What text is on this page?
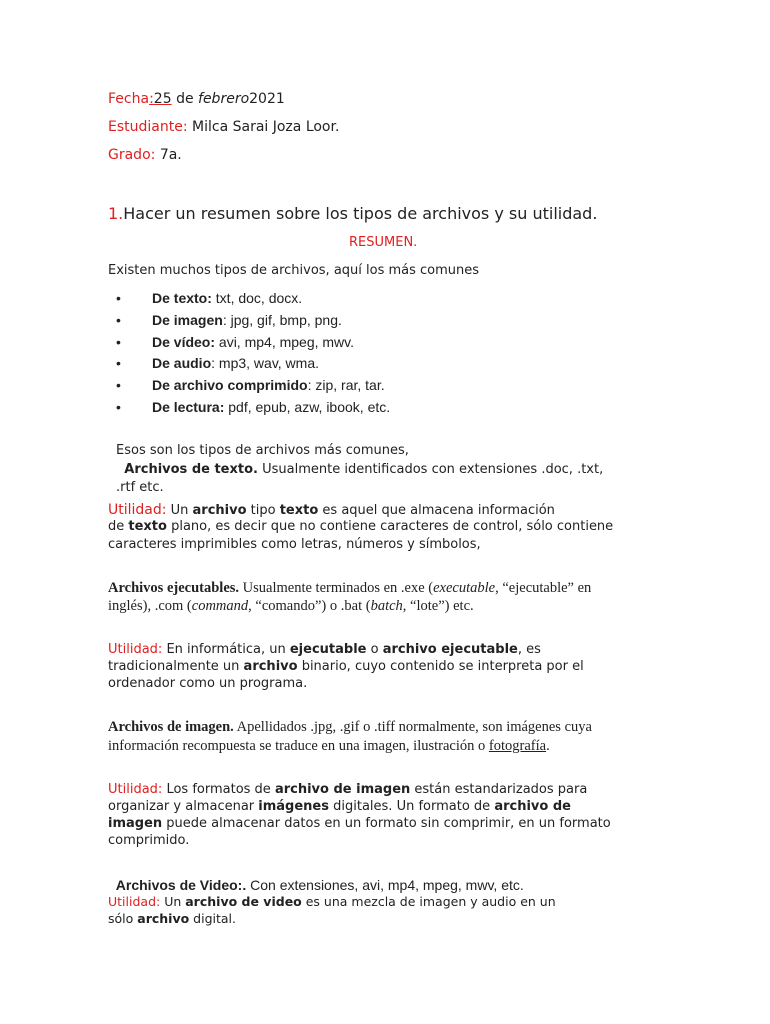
Fecha:25 de febrero2021
Estudiante: Milca Sarai Joza Loor.
Grado: 7a.
1.Hacer un resumen sobre los tipos de archivos y su utilidad.
RESUMEN.
Existen muchos tipos de archivos, aquí los más comunes
• De texto: txt, doc, docx.
• De imagen: jpg, gif, bmp, png.
• De vídeo: avi, mp4, mpeg, mwv.
• De audio: mp3, wav, wma.
• De archivo comprimido: zip, rar, tar.
• De lectura: pdf, epub, azw, ibook, etc.
Esos son los tipos de archivos más comunes,
Archivos de texto. Usualmente identificados con extensiones .doc, .txt,
.rtf etc.
Utilidad: Un archivo tipo texto es aquel que almacena información
de texto plano, es decir que no contiene caracteres de control, sólo contiene
caracteres imprimibles como letras, números y símbolos,
Archivos ejecutables. Usualmente terminados en .exe (executable, “ejecutable” en
inglés), .com (command, “comando”) o .bat (batch, “lote”) etc.
Utilidad: En informática, un ejecutable o archivo ejecutable, es
tradicionalmente un archivo binario, cuyo contenido se interpreta por el
ordenador como un programa.
Archivos de imagen. Apellidados .jpg, .gif o .tiff normalmente, son imágenes cuya
información recompuesta se traduce en una imagen, ilustración o fotografía.
Utilidad: Los formatos de archivo de imagen están estandarizados para
organizar y almacenar imágenes digitales. Un formato de archivo de
imagen puede almacenar datos en un formato sin comprimir, en un formato
comprimido.
Archivos de Video:. Con extensiones, avi, mp4, mpeg, mwv, etc.
Utilidad: Un archivo de video es una mezcla de imagen y audio en un
sólo archivo digital.
